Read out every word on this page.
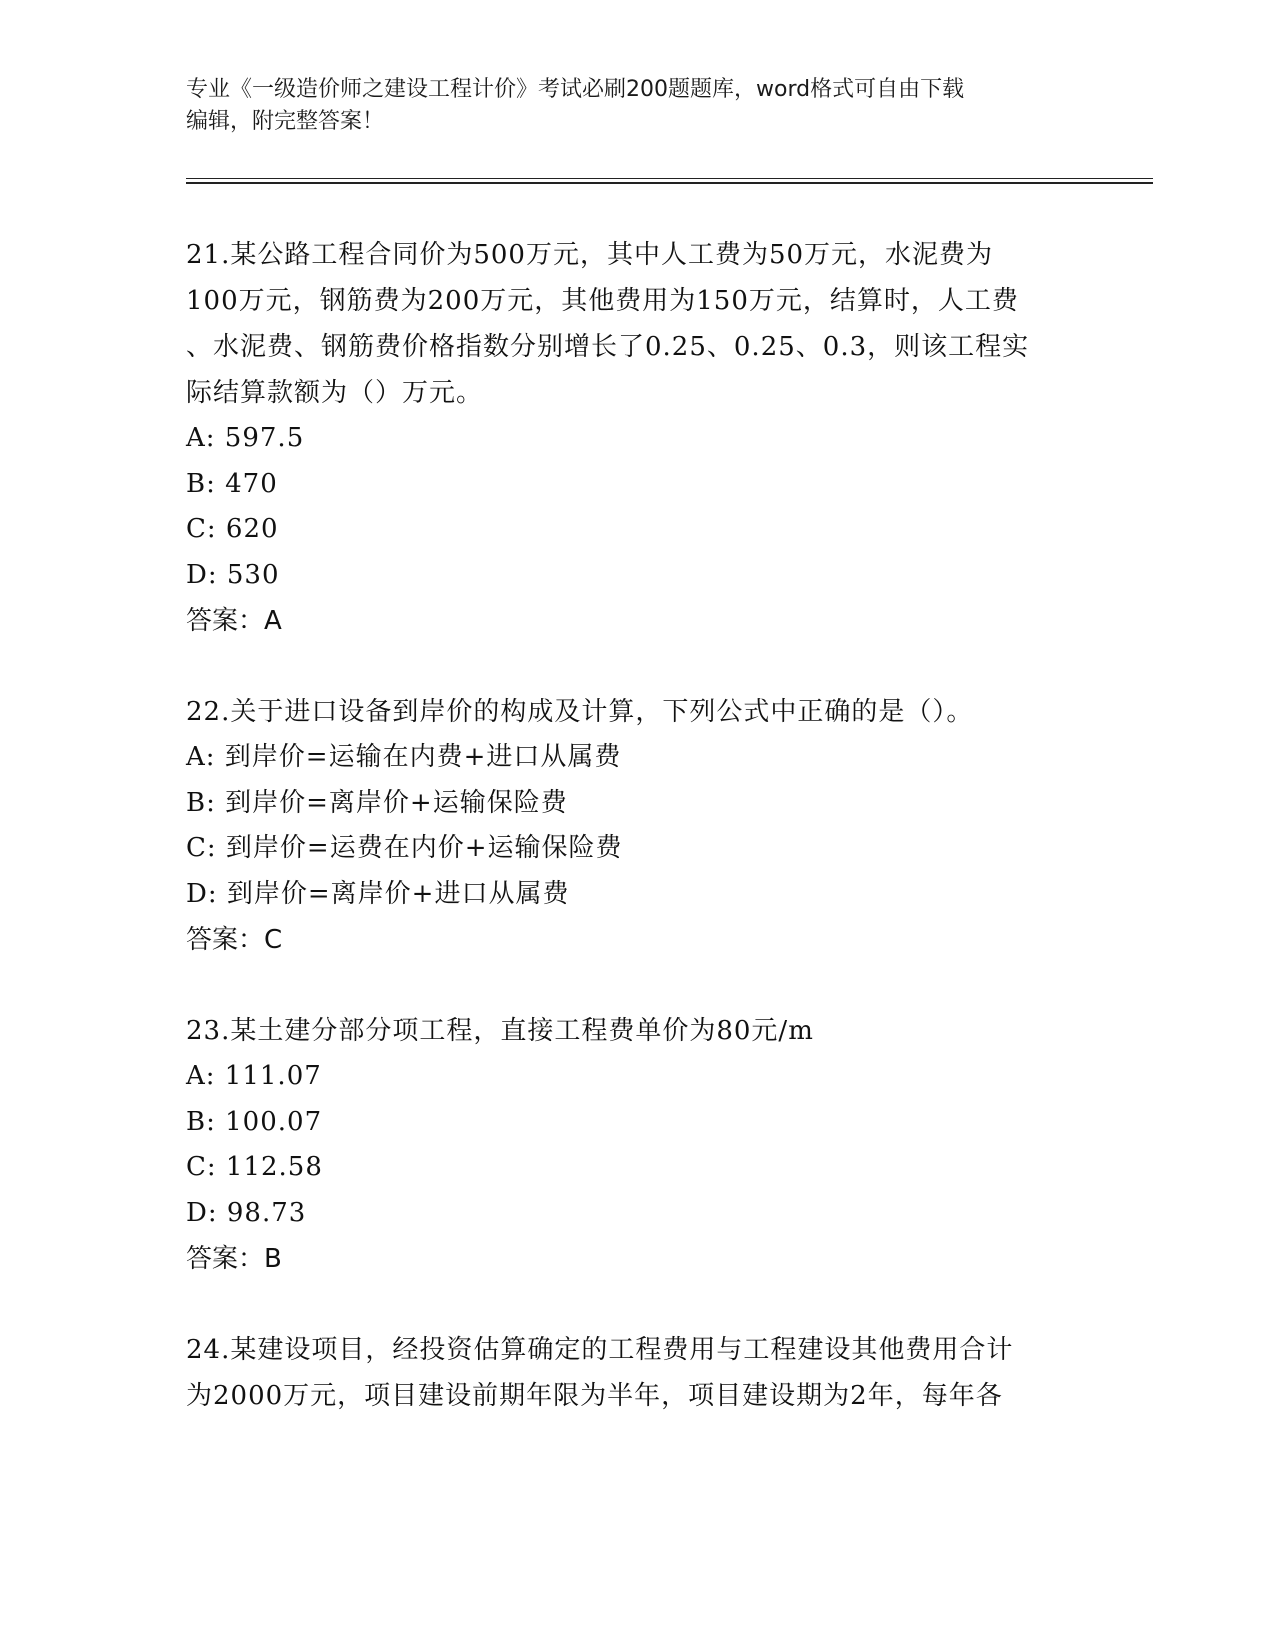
专业《一级造价师之建设工程计价》考试必刷200题题库，word格式可自由下载
编辑，附完整答案！

21.某公路工程合同价为500万元，其中人工费为50万元，水泥费为

100万元，钢筋费为200万元，其他费用为150万元，结算时，人工费

、水泥费、钢筋费价格指数分别增长了0.25、0.25、0.3，则该工程实

际结算款额为（）万元。

A: 597.5

B: 470

C: 620

D: 530

答案：A

22.关于进口设备到岸价的构成及计算，下列公式中正确的是（）。

A: 到岸价=运输在内费+进口从属费

B: 到岸价=离岸价+运输保险费

C: 到岸价=运费在内价+运输保险费

D: 到岸价=离岸价+进口从属费

答案：C

23.某土建分部分项工程，直接工程费单价为80元/m

A: 111.07

B: 100.07

C: 112.58

D: 98.73

答案：B

24.某建设项目，经投资估算确定的工程费用与工程建设其他费用合计

为2000万元，项目建设前期年限为半年，项目建设期为2年，每年各
